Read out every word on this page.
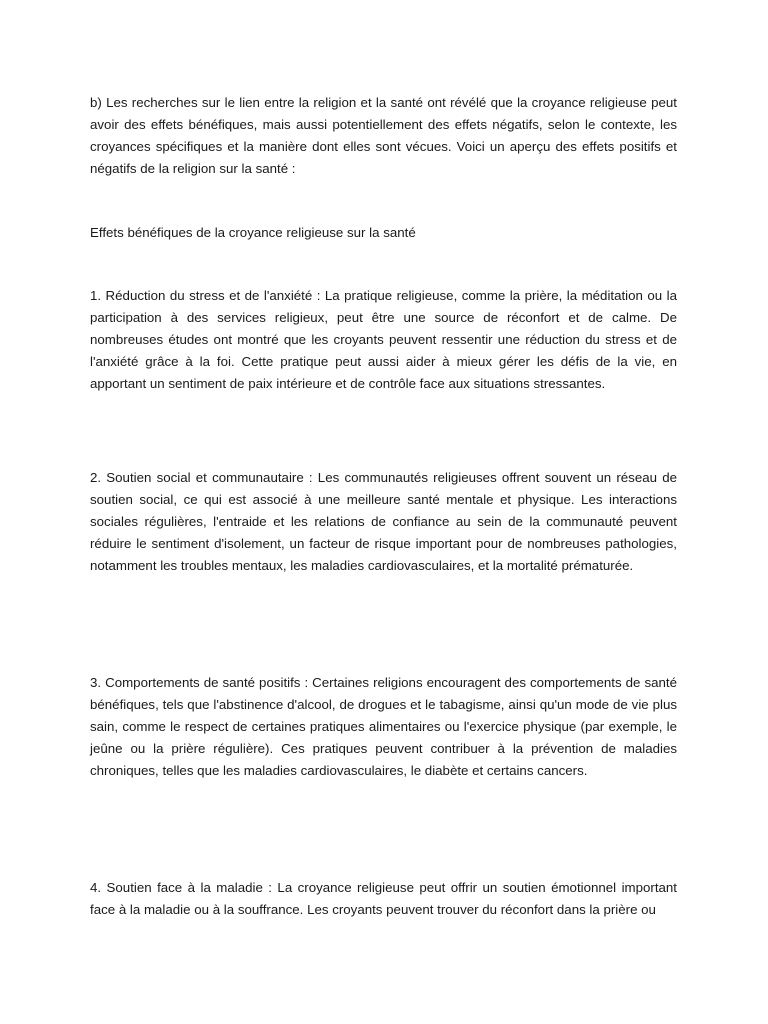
b) Les recherches sur le lien entre la religion et la santé ont révélé que la croyance religieuse peut avoir des effets bénéfiques, mais aussi potentiellement des effets négatifs, selon le contexte, les croyances spécifiques et la manière dont elles sont vécues. Voici un aperçu des effets positifs et négatifs de la religion sur la santé :

Effets bénéfiques de la croyance religieuse sur la santé

1. Réduction du stress et de l'anxiété : La pratique religieuse, comme la prière, la méditation ou la participation à des services religieux, peut être une source de réconfort et de calme. De nombreuses études ont montré que les croyants peuvent ressentir une réduction du stress et de l'anxiété grâce à la foi. Cette pratique peut aussi aider à mieux gérer les défis de la vie, en apportant un sentiment de paix intérieure et de contrôle face aux situations stressantes.

2. Soutien social et communautaire : Les communautés religieuses offrent souvent un réseau de soutien social, ce qui est associé à une meilleure santé mentale et physique. Les interactions sociales régulières, l'entraide et les relations de confiance au sein de la communauté peuvent réduire le sentiment d'isolement, un facteur de risque important pour de nombreuses pathologies, notamment les troubles mentaux, les maladies cardiovasculaires, et la mortalité prématurée.

3. Comportements de santé positifs : Certaines religions encouragent des comportements de santé bénéfiques, tels que l'abstinence d'alcool, de drogues et le tabagisme, ainsi qu'un mode de vie plus sain, comme le respect de certaines pratiques alimentaires ou l'exercice physique (par exemple, le jeûne ou la prière régulière). Ces pratiques peuvent contribuer à la prévention de maladies chroniques, telles que les maladies cardiovasculaires, le diabète et certains cancers.

4. Soutien face à la maladie : La croyance religieuse peut offrir un soutien émotionnel important face à la maladie ou à la souffrance. Les croyants peuvent trouver du réconfort dans la prière ou
